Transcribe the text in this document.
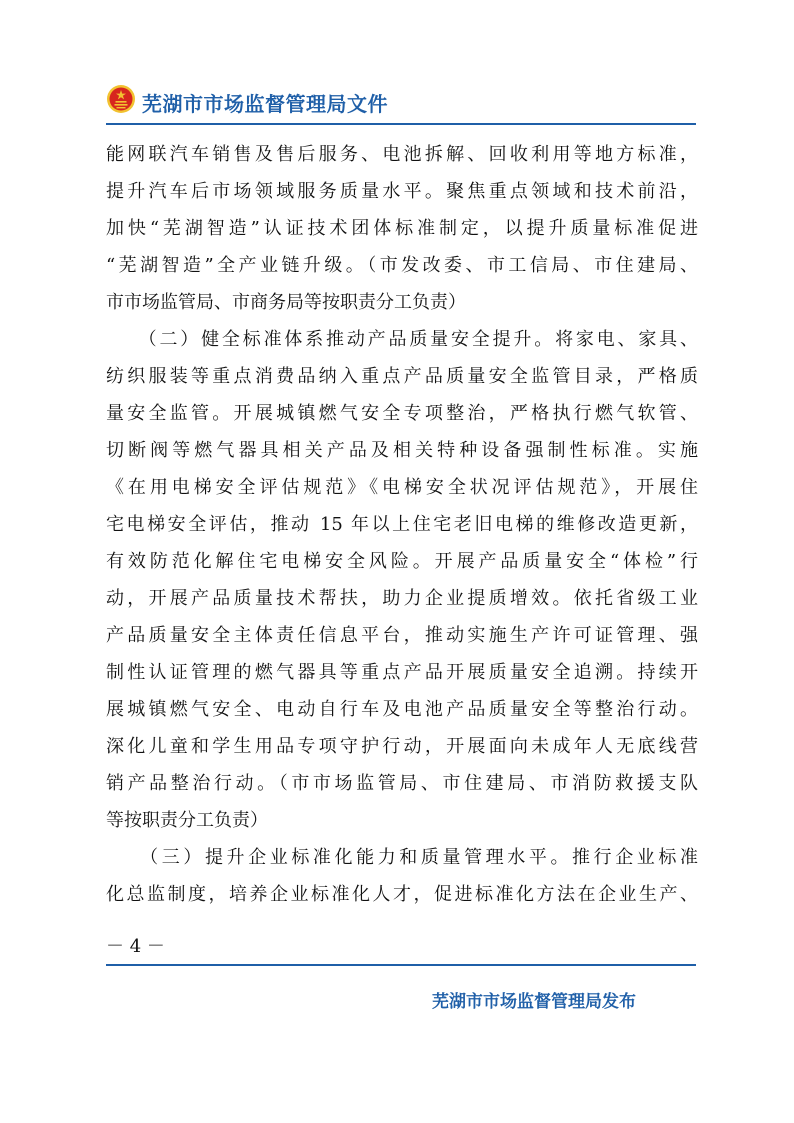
芜湖市市场监督管理局文件
能网联汽车销售及售后服务、电池拆解、回收利用等地方标准，
提升汽车后市场领域服务质量水平。聚焦重点领域和技术前沿，
加快“芜湖智造”认证技术团体标准制定，以提升质量标准促进
“芜湖智造”全产业链升级。（市发改委、市工信局、市住建局、
市市场监管局、市商务局等按职责分工负责）
　　（二）健全标准体系推动产品质量安全提升。将家电、家具、
纺织服装等重点消费品纳入重点产品质量安全监管目录，严格质
量安全监管。开展城镇燃气安全专项整治，严格执行燃气软管、
切断阀等燃气器具相关产品及相关特种设备强制性标准。实施
《在用电梯安全评估规范》《电梯安全状况评估规范》，开展住
宅电梯安全评估，推动 15 年以上住宅老旧电梯的维修改造更新，
有效防范化解住宅电梯安全风险。开展产品质量安全“体检”行
动，开展产品质量技术帮扶，助力企业提质增效。依托省级工业
产品质量安全主体责任信息平台，推动实施生产许可证管理、强
制性认证管理的燃气器具等重点产品开展质量安全追溯。持续开
展城镇燃气安全、电动自行车及电池产品质量安全等整治行动。
深化儿童和学生用品专项守护行动，开展面向未成年人无底线营
销产品整治行动。（市市场监管局、市住建局、市消防救援支队
等按职责分工负责）
　　（三）提升企业标准化能力和质量管理水平。推行企业标准
化总监制度，培养企业标准化人才，促进标准化方法在企业生产、
－ 4 －
芜湖市市场监督管理局发布
